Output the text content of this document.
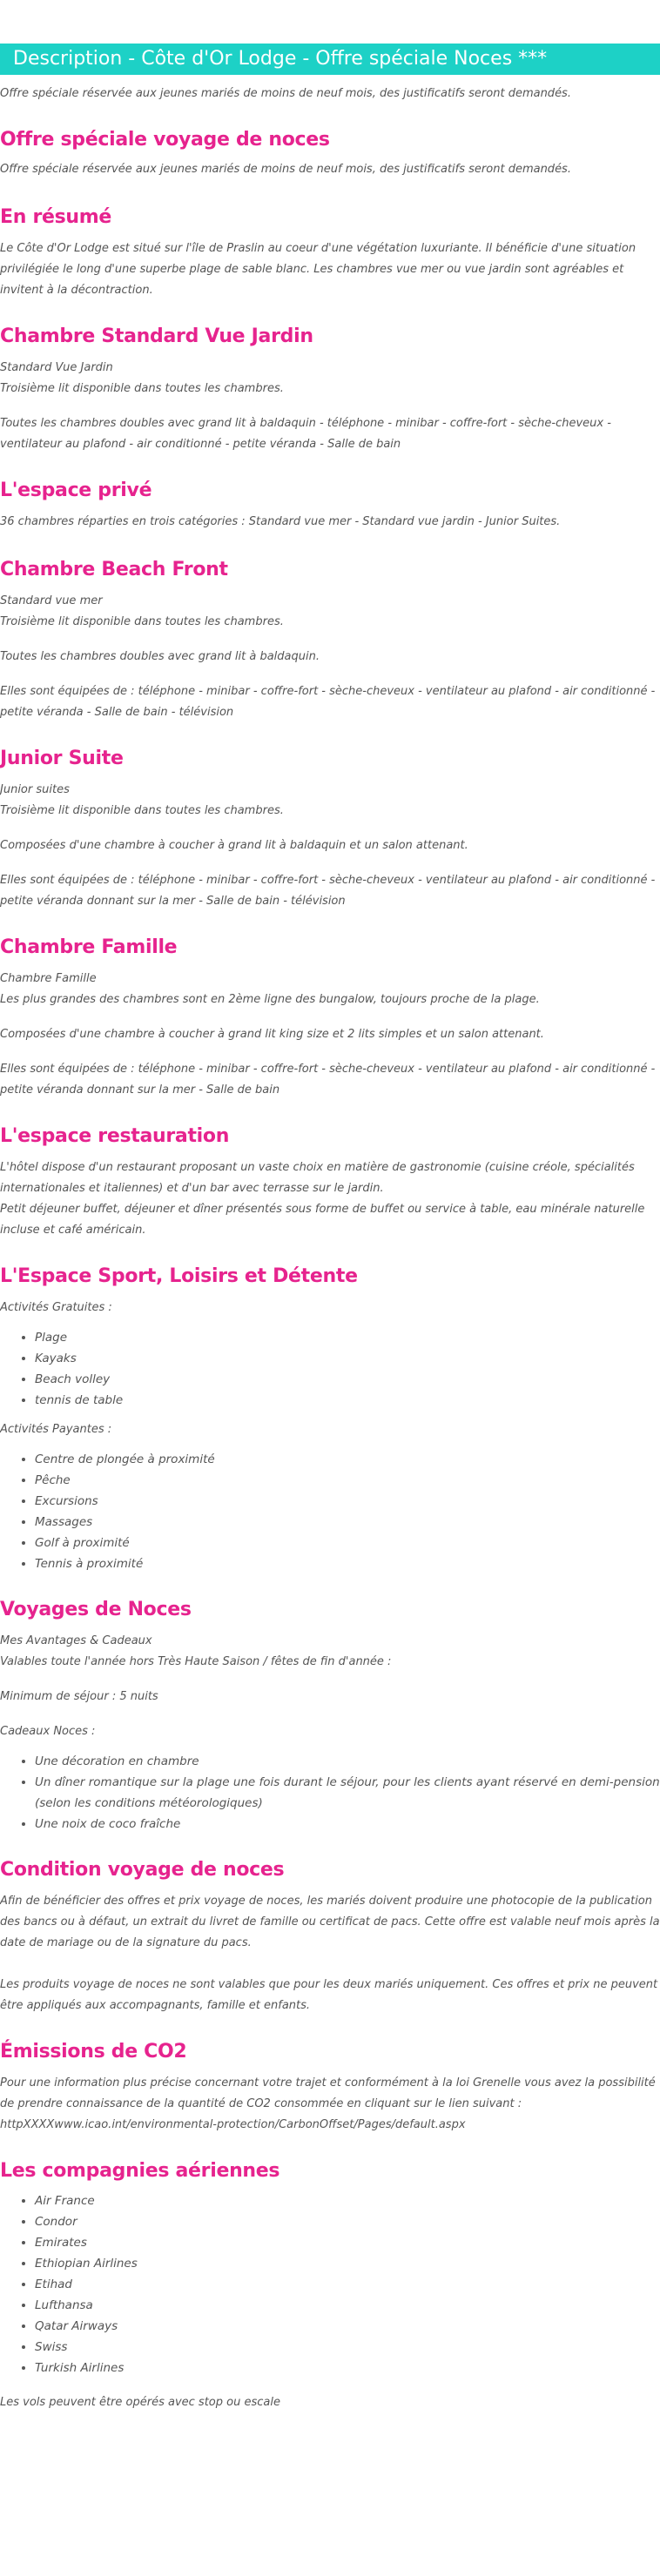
Description - Côte d'Or Lodge - Offre spéciale Noces ***

Offre spéciale réservée aux jeunes mariés de moins de neuf mois, des justificatifs seront demandés.

Offre spéciale voyage de noces

Offre spéciale réservée aux jeunes mariés de moins de neuf mois, des justificatifs seront demandés.

En résumé

Le Côte d'Or Lodge est situé sur l'île de Praslin au coeur d'une végétation luxuriante. Il bénéficie d'une situation privilégiée le long d'une superbe plage de sable blanc. Les chambres vue mer ou vue jardin sont agréables et invitent à la décontraction.

Chambre Standard Vue Jardin

Standard Vue Jardin

Troisième lit disponible dans toutes les chambres.

Toutes les chambres doubles avec grand lit à baldaquin - téléphone - minibar - coffre-fort - sèche-cheveux - ventilateur au plafond - air conditionné - petite véranda - Salle de bain

L'espace privé

36 chambres réparties en trois catégories : Standard vue mer - Standard vue jardin - Junior Suites.

Chambre Beach Front

Standard vue mer

Troisième lit disponible dans toutes les chambres.

Toutes les chambres doubles avec grand lit à baldaquin.

Elles sont équipées de : téléphone - minibar - coffre-fort - sèche-cheveux - ventilateur au plafond - air conditionné - petite véranda - Salle de bain - télévision

Junior Suite

Junior suites

Troisième lit disponible dans toutes les chambres.

Composées d'une chambre à coucher à grand lit à baldaquin et un salon attenant.

Elles sont équipées de : téléphone - minibar - coffre-fort - sèche-cheveux - ventilateur au plafond - air conditionné - petite véranda donnant sur la mer - Salle de bain - télévision

Chambre Famille

Chambre Famille

Les plus grandes des chambres sont en 2ème ligne des bungalow, toujours proche de la plage.

Composées d'une chambre à coucher à grand lit king size et 2 lits simples et un salon attenant.

Elles sont équipées de : téléphone - minibar - coffre-fort - sèche-cheveux - ventilateur au plafond - air conditionné - petite véranda donnant sur la mer - Salle de bain

L'espace restauration

L'hôtel dispose d'un restaurant proposant un vaste choix en matière de gastronomie (cuisine créole, spécialités internationales et italiennes) et d'un bar avec terrasse sur le jardin.

Petit déjeuner buffet, déjeuner et dîner présentés sous forme de buffet ou service à table, eau minérale naturelle incluse et café américain.

L'Espace Sport, Loisirs et Détente

Activités Gratuites :

• Plage
• Kayaks
• Beach volley
• tennis de table

Activités Payantes :

• Centre de plongée à proximité
• Pêche
• Excursions
• Massages
• Golf à proximité
• Tennis à proximité
Voyages de Noces

Mes Avantages & Cadeaux

Valables toute l'année hors Très Haute Saison / fêtes de fin d'année :

Minimum de séjour : 5 nuits

Cadeaux Noces :

• Une décoration en chambre
• Un dîner romantique sur la plage une fois durant le séjour, pour les clients ayant réservé en demi-pension (selon les conditions météorologiques)
• Une noix de coco fraîche
Condition voyage de noces

Afin de bénéficier des offres et prix voyage de noces, les mariés doivent produire une photocopie de la publication des bancs ou à défaut, un extrait du livret de famille ou certificat de pacs. Cette offre est valable neuf mois après la date de mariage ou de la signature du pacs.

Les produits voyage de noces ne sont valables que pour les deux mariés uniquement. Ces offres et prix ne peuvent être appliqués aux accompagnants, famille et enfants.

Émissions de CO2

Pour une information plus précise concernant votre trajet et conformément à la loi Grenelle vous avez la possibilité de prendre connaissance de la quantité de CO2 consommée en cliquant sur le lien suivant : httpXXXXwww.icao.int/environmental-protection/CarbonOffset/Pages/default.aspx

Les compagnies aériennes
• Air France
• Condor
• Emirates
• Ethiopian Airlines
• Etihad
• Lufthansa
• Qatar Airways
• Swiss
• Turkish Airlines

Les vols peuvent être opérés avec stop ou escale
